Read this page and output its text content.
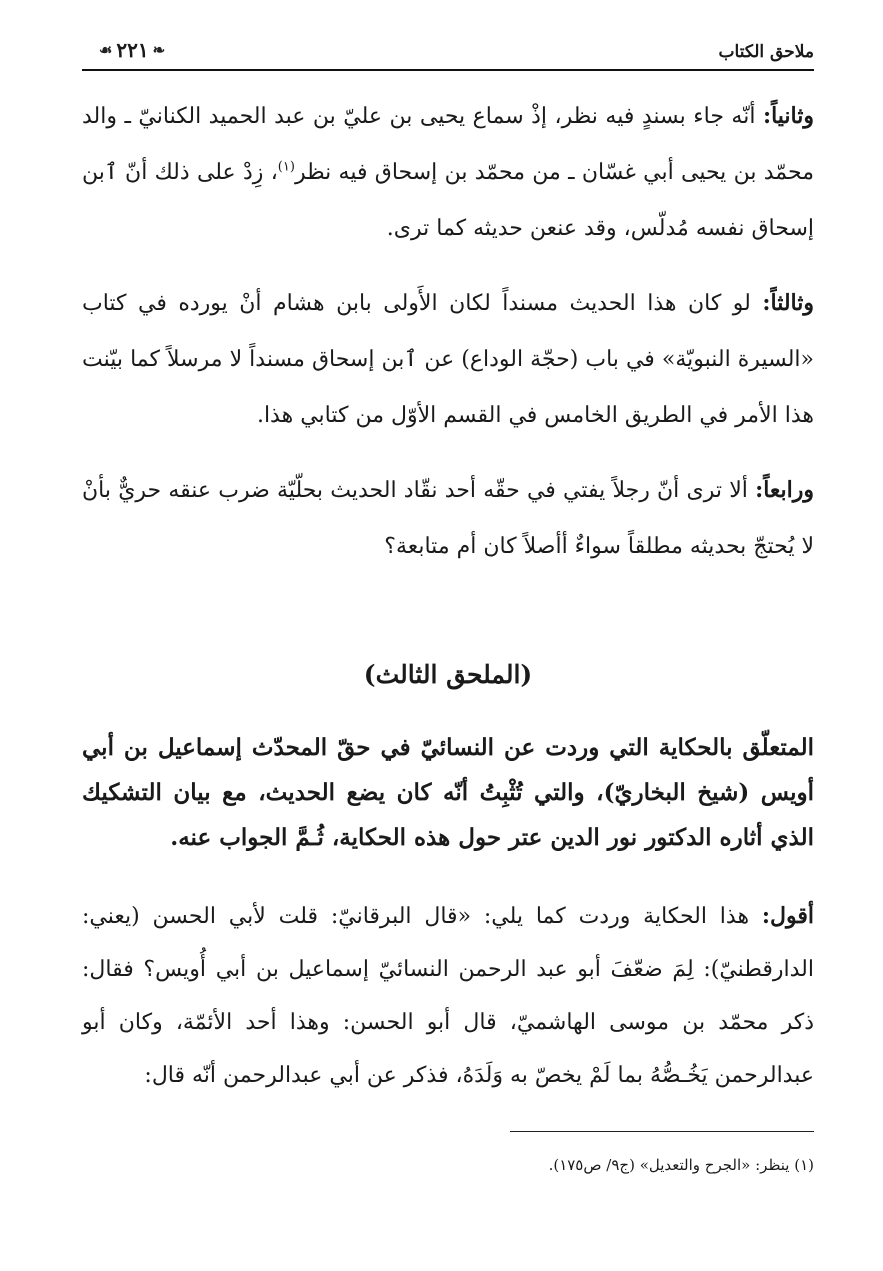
ملاحق الكتاب
❧
٢٢١
☙

وثانياً: أنّه جاء بسندٍ فيه نظر، إذْ سماع يحيى بن عليّ بن عبد الحميد الكنانيّ ـ والد محمّد بن يحيى أبي غسّان ـ من محمّد بن إسحاق فيه نظر$^{(١)}$، زِدْ على ذلك أنّ ٱبن إسحاق نفسه مُدلّس، وقد عنعن حديثه كما ترى.

وثالثاً: لو كان هذا الحديث مسنداً لكان الأَولى بابن هشام أنْ يورده في كتاب «السيرة النبويّة» في باب (حجّة الوداع) عن ٱبن إسحاق مسنداً لا مرسلاً كما بيّنت هذا الأمر في الطريق الخامس في القسم الأوّل من كتابي هذا.

ورابعاً: ألا ترى أنّ رجلاً يفتي في حقّه أحد نقّاد الحديث بحلّيّة ضرب عنقه حريٌّ بأنْ لا يُحتجّ بحديثه مطلقاً سواءٌ أأصلاً كان أم متابعة؟

(الملحق الثالث)

المتعلّق بالحكاية التي وردت عن النسائيّ في حقّ المحدّث إسماعيل بن أبي أويس (شيخ البخاريّ)، والتي تُثْبِتُ أنّه كان يضع الحديث، مع بيان التشكيك الذي أثاره الدكتور نور الدين عتر حول هذه الحكاية، ثُـمَّ الجواب عنه.

أقول: هذا الحكاية وردت كما يلي: «قال البرقانيّ: قلت لأبي الحسن (يعني: الدارقطنيّ): لِمَ ضعّفَ أبو عبد الرحمن النسائيّ إسماعيل بن أبي أُويس؟ فقال: ذكر محمّد بن موسى الهاشميّ، قال أبو الحسن: وهذا أحد الأئمّة، وكان أبو عبدالرحمن يَخُـصُّهُ بما لَمْ يخصّ به وَلَدَهُ، فذكر عن أبي عبدالرحمن أنّه قال:

(١) ينظر: «الجرح والتعديل» (ج٩/ ص١٧٥).
